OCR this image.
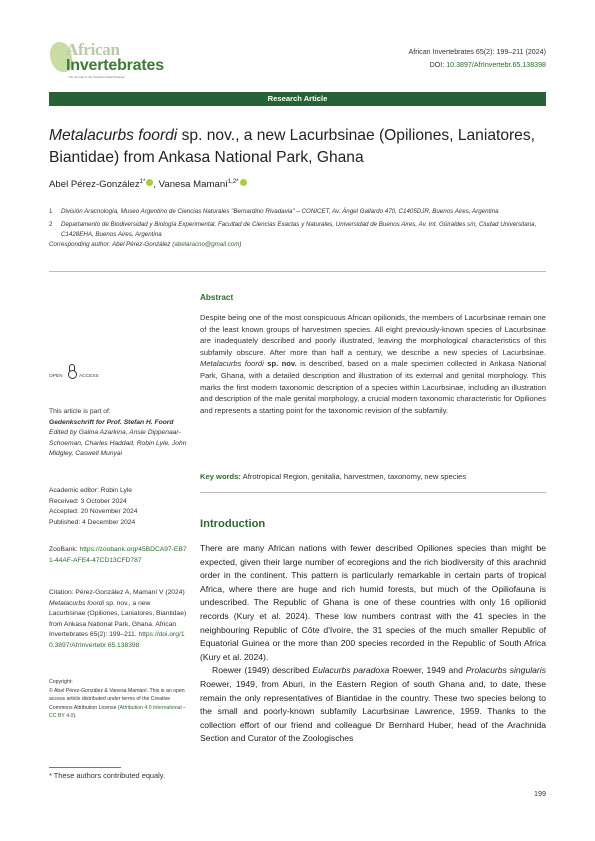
African
Invertebrates
The Journal of the KwaZulu-Natal Museum
African Invertebrates 65(2): 199–211 (2024)
DOI: 10.3897/AfrInvertebr.65.138398
Research Article
Metalacurbs foordi sp. nov., a new Lacurbsinae (Opiliones, Laniatores, Biantidae) from Ankasa National Park, Ghana
Abel Pérez-González$^{1*}$ , Vanesa Mamaní$^{1,2*}$
1 División Aracnología, Museo Argentino de Ciencias Naturales "Bernardino Rivadavia" – CONICET, Av. Ángel Gallardo 470, C1405DJR, Buenos Aires, Argentina
2 Departamento de Biodiversidad y Biología Experimental, Facultad de Ciencias Exactas y Naturales, Universidad de Buenos Aires, Av. Int. Güiraldes s/n, Ciudad Universitaria, C1428EHA, Buenos Aires, Argentina
Corresponding author: Abel Pérez-González (abelaracno@gmail.com)
OPEN	ACCESS
This article is part of:
Gedenkschrift for Prof. Stefan H. Foord
Edited by Galina Azarkina, Ansie Dippenaar-Schoeman, Charles Haddad, Robin Lyle, John Midgley, Caswell Munyai
Academic editor: Robin Lyle
Received: 3 October 2024
Accepted: 20 November 2024
Published: 4 December 2024
ZooBank: https://zoobank.org/45BDCA97-EB71-44AF-AFE4-47CD13CFD787
Citation: Pérez-González A, Mamaní V (2024) Metalacurbs foordi sp. nov., a new Lacurbsinae (Opiliones, Laniatores, Biantidae) from Ankasa National Park, Ghana. African Invertebrates 65(2): 199–211. https://doi.org/10.3897/AfrInvertebr.65.138398
Copyright:
© Abel Pérez-González & Vanesa Mamaní. This is an open access article distributed under terms of the Creative Commons Attribution License (Attribution 4.0 International – CC BY 4.0).
Abstract
Despite being one of the most conspicuous African opilionids, the members of Lacurbsinae remain one of the least known groups of harvestmen species. All eight previously-known species of Lacurbsinae are inadequately described and poorly illustrated, leaving the morphological characteristics of this subfamily obscure. After more than half a century, we describe a new species of Lacurbsinae. Metalacurbs foordi sp. nov. is described, based on a male specimen collected in Ankasa National Park, Ghana, with a detailed description and illustration of its external and genital morphology. This marks the first modern taxonomic description of a species within Lacurbsinae, including an illustration and description of the male genital morphology, a crucial modern taxonomic characteristic for Opiliones and represents a starting point for the taxonomic revision of the subfamily.
Key words: Afrotropical Region, genitalia, harvestmen, taxonomy, new species
Introduction

There are many African nations with fewer described Opiliones species than might be expected, given their large number of ecoregions and the rich biodiversity of this arachnid order in the continent. This pattern is particularly remarkable in certain parts of tropical Africa, where there are huge and rich humid forests, but much of the Opiliofauna is undescribed. The Republic of Ghana is one of these countries with only 16 opilionid records (Kury et al. 2024). These low numbers contrast with the 41 species in the neighbouring Republic of Côte d'Ivoire, the 31 species of the much smaller Republic of Equatorial Guinea or the more than 200 species recorded in the Republic of South Africa (Kury et al. 2024).

Roewer (1949) described Eulacurbs paradoxa Roewer, 1949 and Prolacurbs singularis Roewer, 1949, from Aburi, in the Eastern Region of south Ghana and, to date, these remain the only representatives of Biantidae in the country. These two species belong to the small and poorly-known subfamily Lacurbsinae Lawrence, 1959. Thanks to the collection effort of our friend and colleague Dr Bernhard Huber, head of the Arachnida Section and Curator of the Zoologisches

* These authors contributed equaly.
199
